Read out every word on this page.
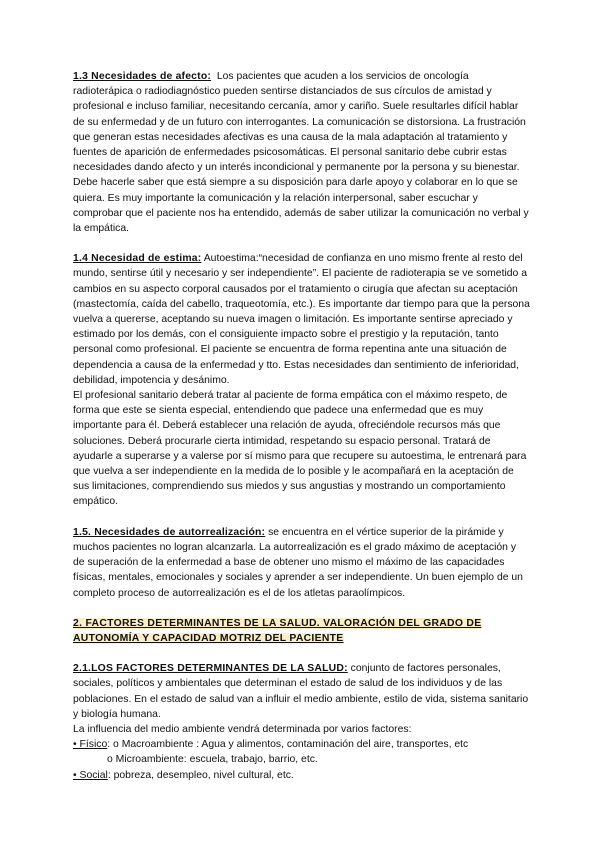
1.3 Necesidades de afecto: Los pacientes que acuden a los servicios de oncología radioterápica o radiodiagnóstico pueden sentirse distanciados de sus círculos de amistad y profesional e incluso familiar, necesitando cercanía, amor y cariño. Suele resultarles difícil hablar de su enfermedad y de un futuro con interrogantes. La comunicación se distorsiona. La frustración que generan estas necesidades afectivas es una causa de la mala adaptación al tratamiento y fuentes de aparición de enfermedades psicosomáticas. El personal sanitario debe cubrir estas necesidades dando afecto y un interés incondicional y permanente por la persona y su bienestar. Debe hacerle saber que está siempre a su disposición para darle apoyo y colaborar en lo que se quiera. Es muy importante la comunicación y la relación interpersonal, saber escuchar y comprobar que el paciente nos ha entendido, además de saber utilizar la comunicación no verbal y la empática.

1.4 Necesidad de estima: Autoestima:“necesidad de confianza en uno mismo frente al resto del mundo, sentirse útil y necesario y ser independiente”. El paciente de radioterapia se ve sometido a cambios en su aspecto corporal causados por el tratamiento o cirugía que afectan su aceptación (mastectomía, caída del cabello, traqueotomía, etc.). Es importante dar tiempo para que la persona vuelva a quererse, aceptando su nueva imagen o limitación. Es importante sentirse apreciado y estimado por los demás, con el consiguiente impacto sobre el prestigio y la reputación, tanto personal como profesional. El paciente se encuentra de forma repentina ante una situación de dependencia a causa de la enfermedad y tto. Estas necesidades dan sentimiento de inferioridad, debilidad, impotencia y desánimo.

El profesional sanitario deberá tratar al paciente de forma empática con el máximo respeto, de forma que este se sienta especial, entendiendo que padece una enfermedad que es muy importante para él. Deberá establecer una relación de ayuda, ofreciéndole recursos más que soluciones. Deberá procurarle cierta intimidad, respetando su espacio personal. Tratará de ayudarle a superarse y a valerse por sí mismo para que recupere su autoestima, le entrenará para que vuelva a ser independiente en la medida de lo posible y le acompañará en la aceptación de sus limitaciones, comprendiendo sus miedos y sus angustias y mostrando un comportamiento empático.

1.5. Necesidades de autorrealización: se encuentra en el vértice superior de la pirámide y muchos pacientes no logran alcanzarla. La autorrealización es el grado máximo de aceptación y de superación de la enfermedad a base de obtener uno mismo el máximo de las capacidades físicas, mentales, emocionales y sociales y aprender a ser independiente. Un buen ejemplo de un completo proceso de autorrealización es el de los atletas paraolímpicos.

2. FACTORES DETERMINANTES DE LA SALUD. VALORACIÓN DEL GRADO DE
AUTONOMÍA Y CAPACIDAD MOTRIZ DEL PACIENTE

2.1.LOS FACTORES DETERMINANTES DE LA SALUD: conjunto de factores personales, sociales, políticos y ambientales que determinan el estado de salud de los individuos y de las poblaciones. En el estado de salud van a influir el medio ambiente, estilo de vida, sistema sanitario y biología humana.

La influencia del medio ambiente vendrá determinada por varios factores:

• Físico: o Macroambiente : Agua y alimentos, contaminación del aire, transportes, etc

o Microambiente: escuela, trabajo, barrio, etc.

• Social: pobreza, desempleo, nivel cultural, etc.
